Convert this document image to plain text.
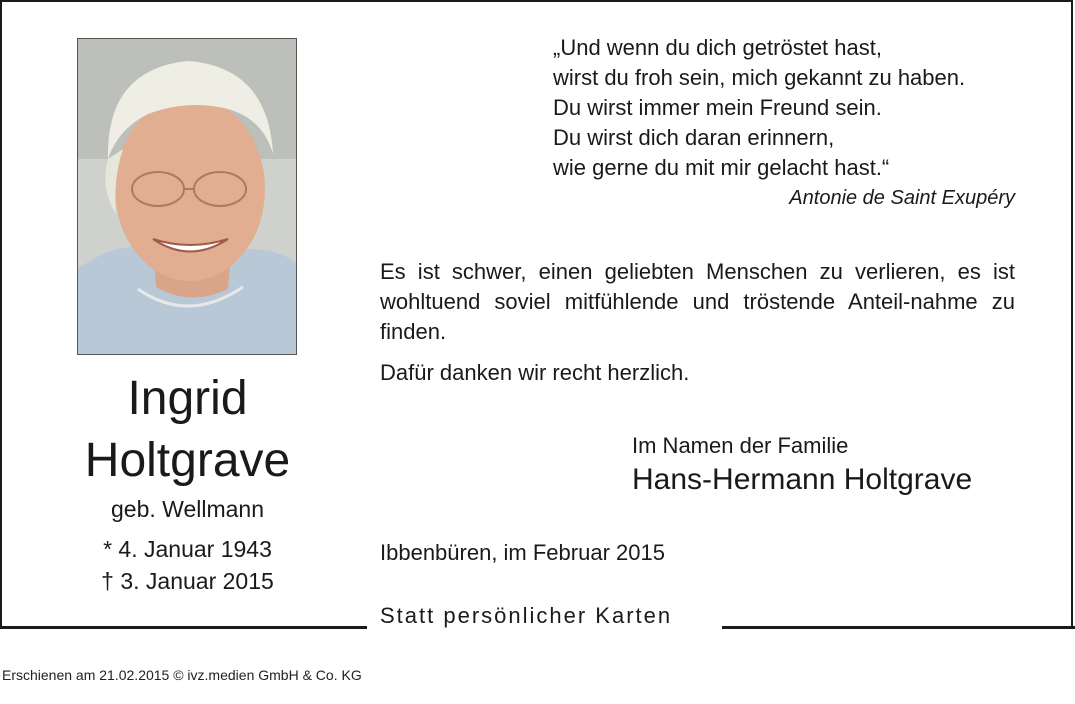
Ingrid
Holtgrave
geb. Wellmann
* 4. Januar 1943
† 3. Januar 2015
„Und wenn du dich getröstet hast,
wirst du froh sein, mich gekannt zu haben.
Du wirst immer mein Freund sein.
Du wirst dich daran erinnern,
wie gerne du mit mir gelacht hast.“
Antonie de Saint Exupéry
Es ist schwer, einen geliebten Menschen zu verlieren, es ist wohltuend soviel mitfühlende und tröstende Anteil-nahme zu finden.
Dafür danken wir recht herzlich.
Im Namen der Familie
Hans-Hermann Holtgrave
Ibbenbüren, im Februar 2015
Statt persönlicher Karten
Erschienen am 21.02.2015 © ivz.medien GmbH & Co. KG
